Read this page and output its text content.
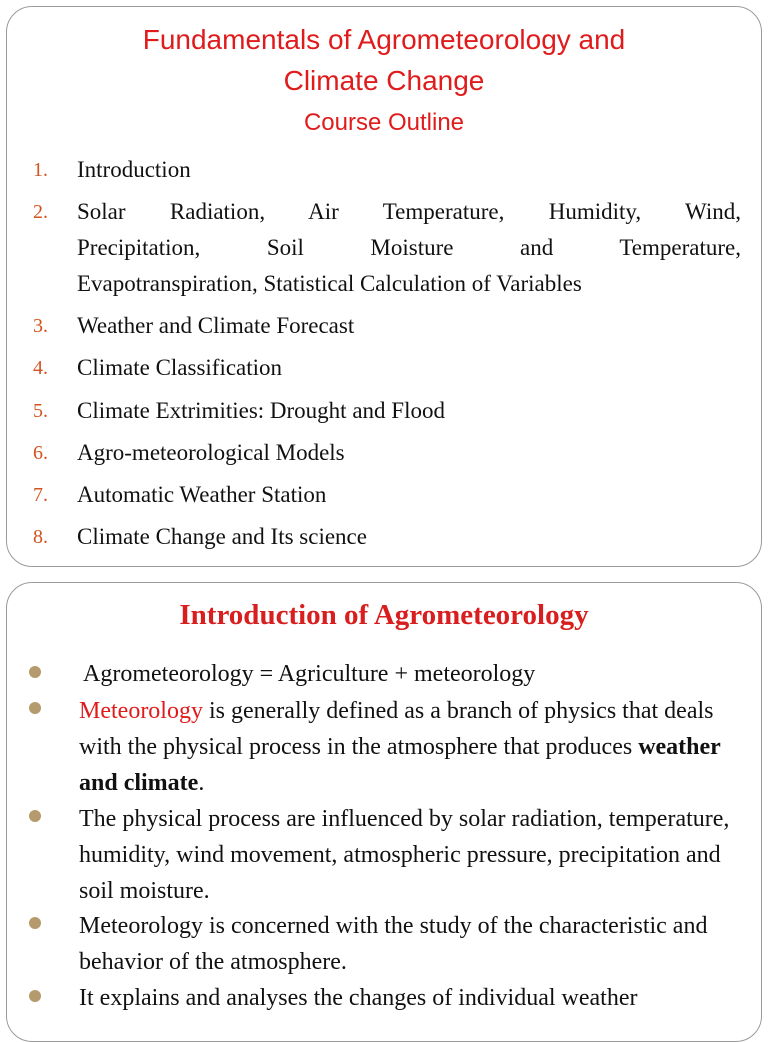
Fundamentals of Agrometeorology and
Climate Change
Course Outline
1.	Introduction
2.	Solar Radiation, Air Temperature, Humidity, Wind,
Precipitation, Soil Moisture and Temperature,
Evapotranspiration, Statistical Calculation of Variables
3.	Weather and Climate Forecast
4.	Climate Classification
5.	Climate Extrimities: Drought and Flood
6.	Agro-meteorological Models
7.	Automatic Weather Station
8.	Climate Change and Its science
Introduction of Agrometeorology
Agrometeorology = Agriculture + meteorology
Meteorology is generally defined as a branch of physics that deals with the physical process in the atmosphere that produces weather and climate.
The physical process are influenced by solar radiation, temperature, humidity, wind movement, atmospheric pressure, precipitation and soil moisture.
Meteorology is concerned with the study of the characteristic and behavior of the atmosphere.
It explains and analyses the changes of individual weather
